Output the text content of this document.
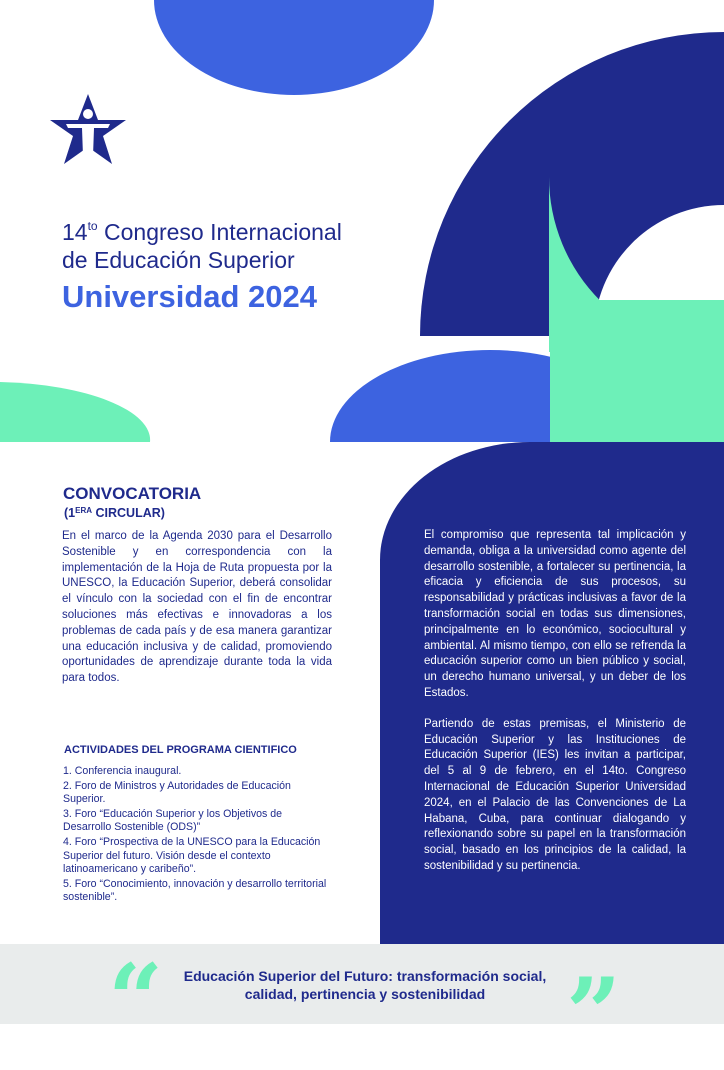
$14^{to}$ Congreso Internacional
de Educación Superior
Universidad 2024
CONVOCATORIA
($1^{ERA}$ CIRCULAR)

En el marco de la Agenda 2030 para el Desarrollo Sostenible y en correspondencia con la implementación de la Hoja de Ruta propuesta por la UNESCO, la Educación Superior, deberá consolidar el vínculo con la sociedad con el fin de encontrar soluciones más efectivas e innovadoras a los problemas de cada país y de esa manera garantizar una educación inclusiva y de calidad, promoviendo oportunidades de aprendizaje durante toda la vida para todos.

ACTIVIDADES DEL PROGRAMA CIENTIFICO
1. Conferencia inaugural.
2. Foro de Ministros y Autoridades de Educación Superior.
3. Foro “Educación Superior y los Objetivos de Desarrollo Sostenible (ODS)”
4. Foro “Prospectiva de la UNESCO para la Educación Superior del futuro. Visión desde el contexto latinoamericano y caribeño”.
5. Foro “Conocimiento, innovación y desarrollo territorial sostenible”.

El compromiso que representa tal implicación y demanda, obliga a la universidad como agente del desarrollo sostenible, a fortalecer su pertinencia, la eficacia y eficiencia de sus procesos, su responsabilidad y prácticas inclusivas a favor de la transformación social en todas sus dimensiones, principalmente en lo económico, sociocultural y ambiental. Al mismo tiempo, con ello se refrenda la educación superior como un bien público y social, un derecho humano universal, y un deber de los Estados.

Partiendo de estas premisas, el Ministerio de Educación Superior y las Instituciones de Educación Superior (IES) les invitan a participar, del 5 al 9 de febrero, en el 14to. Congreso Internacional de Educación Superior Universidad 2024, en el Palacio de las Convenciones de La Habana, Cuba, para continuar dialogando y reflexionando sobre su papel en la transformación social, basado en los principios de la calidad, la sostenibilidad y su pertinencia.

“	”
Educación Superior del Futuro: transformación social,
calidad, pertinencia y sostenibilidad
